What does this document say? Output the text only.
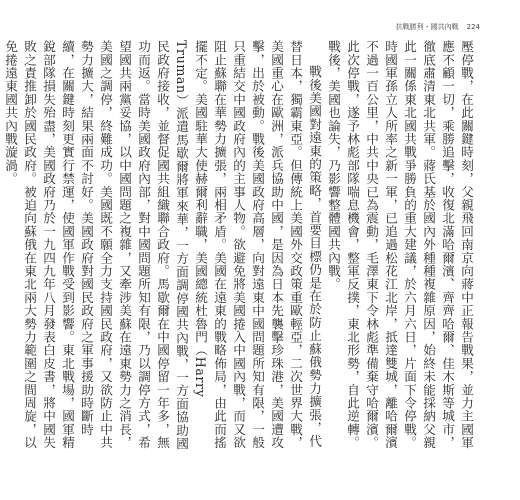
抗戰勝利・國共內戰 224

壓停戰，在此關鍵時刻，父親飛回南京向蔣中正報告戰果，並力主國軍應不顧一切，乘勝追擊，收復北滿哈爾濱、齊齊哈爾、佳木斯等城市，徹底肅清東北共軍。蔣氏基於國內外種種複雜原因，始終未能採納父親此一關係東北國共戰爭勝負的重大建議，於六月六日，片面下令停戰。時國軍孫立人所率之新一軍，已追過松花江北岸，抵達雙城，離哈爾濱不過一百公里，中共中央已為震動，毛澤東下令林彪準備棄守哈爾濱。此次停戰，遂予林彪部隊喘息機會，整軍反撲，東北形勢，自此逆轉。戰後，美國也論失，乃影響整體國共內戰。

戰後美國對遠東的策略，首要目標仍是在於防止蘇俄勢力擴張，代替日本，獨霸東亞。但傳統上美國外交政策重歐輕亞，二次世界大戰，美國重心在歐洲，派兵協助中國，是因為日本先襲擊珍珠港，美國遭攻擊，出於被動。戰後美國政府高層，向對遠東中國問題所知有限，一般只重結交中國政府內的主事人物。欲避免將美國捲入中國內戰，而又欲阻止蘇聯在華勢力擴張，兩相矛盾。美國在遠東的戰略佈局，由此而搖擺不定。美國駐華大使赫爾利辭職，美國總統杜魯門（Harry Truman）派遣馬歇爾將軍來華，一方面調停國共內戰，一方面協助國民政府接收，並督促國共組織聯合政府。馬歇爾在中國停留一年多，無功而返。當時美國政府內部，對中國問題所知有限，乃以調停方式，希望國共兩黨妥協，以中國問題之複雜，又牽涉美蘇在遠東勢力之消長，美國之調停，終難成功。美國既不願全力支持國民政府，又欲防止中共勢力擴大，結果兩面不討好。美國政府對國民政府之軍事援助時斷時續，在關鍵時刻更實行禁運，使國軍作戰受到影響。東北戰場，國軍精銳部隊損失殆盡，美國政府乃於一九四九年八月發表白皮書，將中國失敗之責推卸於國民政府。被迫向蘇俄在東北兩大勢力範圍之間周旋，以免捲遠東國共內戰漩渦。
